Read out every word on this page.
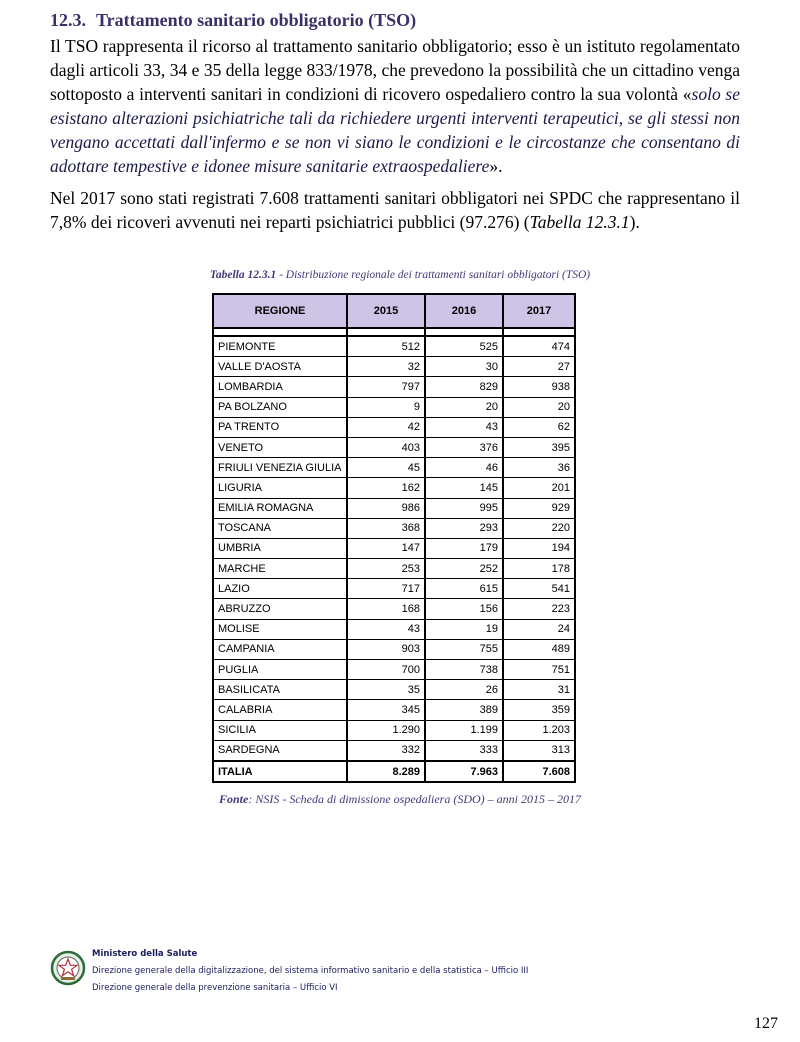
12.3. Trattamento sanitario obbligatorio (TSO)
Il TSO rappresenta il ricorso al trattamento sanitario obbligatorio; esso è un istituto regolamentato dagli articoli 33, 34 e 35 della legge 833/1978, che prevedono la possibilità che un cittadino venga sottoposto a interventi sanitari in condizioni di ricovero ospedaliero contro la sua volontà «solo se esistano alterazioni psichiatriche tali da richiedere urgenti interventi terapeutici, se gli stessi non vengano accettati dall'infermo e se non vi siano le condizioni e le circostanze che consentano di adottare tempestive e idonee misure sanitarie extraospedaliere».
Nel 2017 sono stati registrati 7.608 trattamenti sanitari obbligatori nei SPDC che rappresentano il 7,8% dei ricoveri avvenuti nei reparti psichiatrici pubblici (97.276) (Tabella 12.3.1).
Tabella 12.3.1 - Distribuzione regionale dei trattamenti sanitari obbligatori (TSO)
REGIONE	2015	2016	2017

PIEMONTE	512	525	474
VALLE D'AOSTA	32	30	27
LOMBARDIA	797	829	938
PA BOLZANO	9	20	20
PA TRENTO	42	43	62
VENETO	403	376	395
FRIULI VENEZIA GIULIA	45	46	36
LIGURIA	162	145	201
EMILIA ROMAGNA	986	995	929
TOSCANA	368	293	220
UMBRIA	147	179	194
MARCHE	253	252	178
LAZIO	717	615	541
ABRUZZO	168	156	223
MOLISE	43	19	24
CAMPANIA	903	755	489
PUGLIA	700	738	751
BASILICATA	35	26	31
CALABRIA	345	389	359
SICILIA	1.290	1.199	1.203
SARDEGNA	332	333	313
ITALIA	8.289	7.963	7.608
Fonte: NSIS - Scheda di dimissione ospedaliera (SDO) – anni 2015 – 2017
Ministero della Salute
Direzione generale della digitalizzazione, del sistema informativo sanitario e della statistica – Ufficio III
Direzione generale della prevenzione sanitaria – Ufficio VI
127
